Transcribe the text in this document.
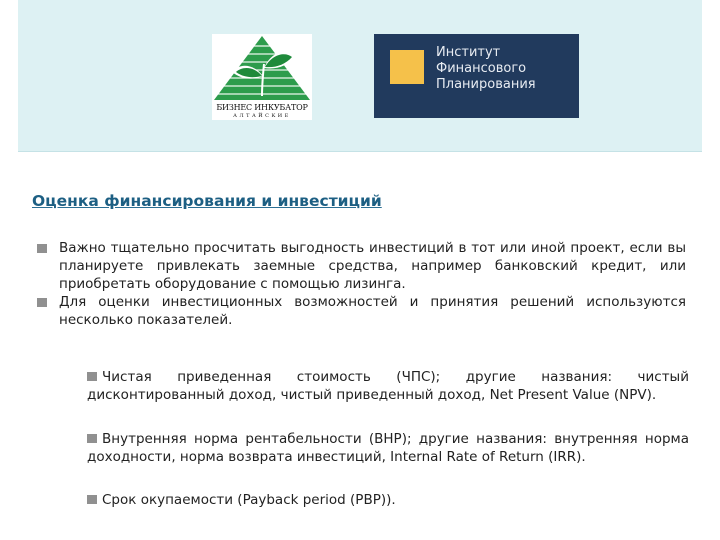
БИЗНЕС ИНКУБАТОР
АЛТАЙСКИЕ
Институт
Финансового
Планирования
Оценка финансирования и инвестиций
Важно тщательно просчитать выгодность инвестиций в тот или иной проект, если вы планируете привлекать заемные средства, например банковский кредит, или приобретать оборудование с помощью лизинга.
Для оценки инвестиционных возможностей и принятия решений используются несколько показателей.
Чистая приведенная стоимость (ЧПС); другие названия: чистый дисконтированный доход, чистый приведенный доход, Net Present Value (NPV).
Внутренняя норма рентабельности (ВНР); другие названия: внутренняя норма доходности, норма возврата инвестиций, Internal Rate of Return (IRR).
Срок окупаемости (Payback period (PBP)).
